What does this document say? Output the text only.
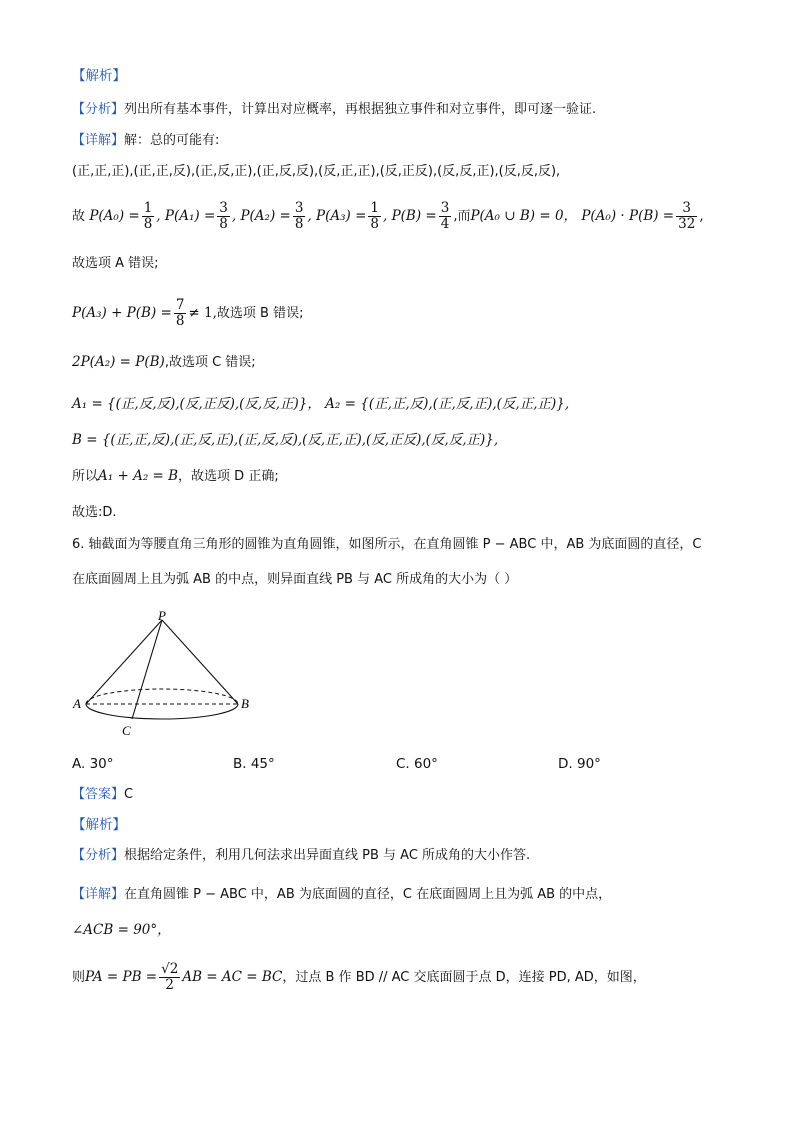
【解析】
【分析】列出所有基本事件，计算出对应概率，再根据独立事件和对立事件，即可逐一验证.
【详解】解：总的可能有:
(正,正,正),(正,正,反),(正,反,正),(正,反,反),(反,正,正),(反,正反),(反,反,正),(反,反,反),
故 $P(A_0) = \frac{1}{8}$ , $P(A_1) = \frac{3}{8}$ , $P(A_2) = \frac{3}{8}$ , $P(A_3) = \frac{1}{8}$ , $P(B) = \frac{3}{4}$ ,而P(A₀ ∪ B) = 0， $P(A_0) \cdot P(B) = \frac{3}{32}$ ,
故选项 A 错误;
$P(A_3) + P(B) = \frac{7}{8} \ne 1$,故选项 B 错误;
2P(A₂) = P(B),故选项 C 错误;
A₁ = {(正,反,反),(反,正反),(反,反,正)}， A₂ = {(正,正,反),(正,反,正),(反,正,正)},
B = {(正,正,反),(正,反,正),(正,反,反),(反,正,正),(反,正反),(反,反,正)},
所以A₁ + A₂ = B，故选项 D 正确;
故选:D.
6. 轴截面为等腰直角三角形的圆锥为直角圆锥，如图所示，在直角圆锥 P − ABC 中，AB 为底面圆的直径，C
在底面圆周上且为弧 AB 的中点，则异面直线 PB 与 AC 所成角的大小为（ ）
P
A	B
C
A. 30°	B. 45°	C. 60°	D. 90°
【答案】C
【解析】
【分析】根据给定条件，利用几何法求出异面直线 PB 与 AC 所成角的大小作答.
【详解】在直角圆锥 P − ABC 中，AB 为底面圆的直径，C 在底面圆周上且为弧 AB 的中点，
∠ACB = 90°，
则PA = PB = $\frac{√2}{2}$ AB = AC = BC，过点 B 作 BD // AC 交底面圆于点 D，连接 PD, AD，如图，
